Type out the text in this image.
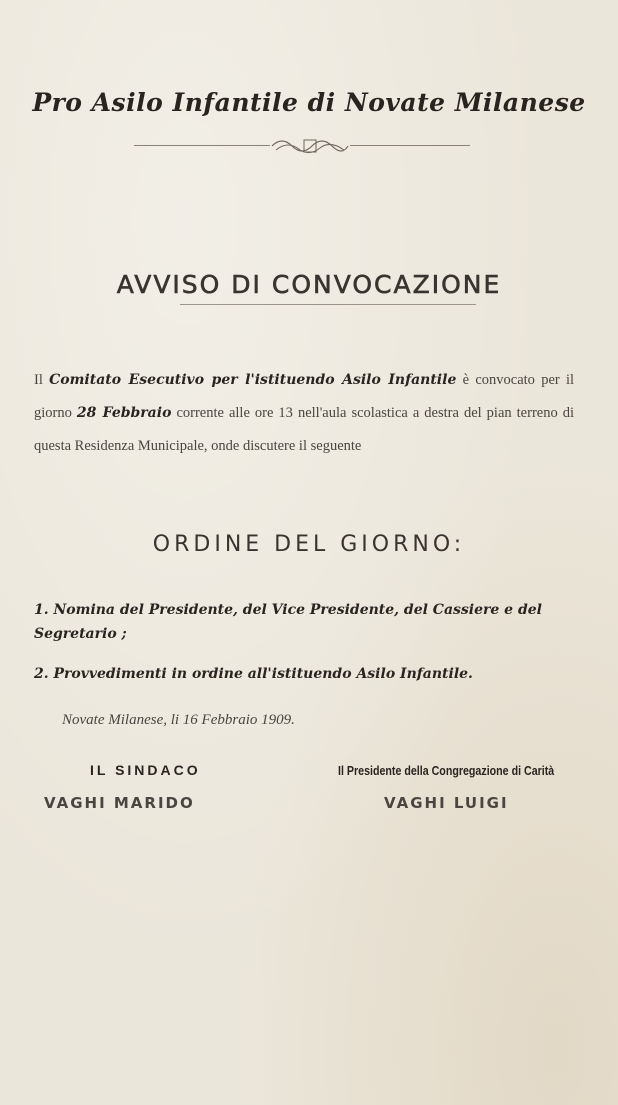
Pro Asilo Infantile di Novate Milanese
AVVISO DI CONVOCAZIONE
Il Comitato Esecutivo per l'istituendo Asilo Infantile è convocato per il giorno 28 Febbraio corrente alle ore 13 nell'aula scolastica a destra del pian terreno di questa Residenza Municipale, onde discutere il seguente
ORDINE DEL GIORNO:
1. Nomina del Presidente, del Vice Presidente, del Cassiere e del Segretario ;
2. Provvedimenti in ordine all'istituendo Asilo Infantile.
Novate Milanese, li 16 Febbraio 1909.
IL SINDACO	Il Presidente della Congregazione di Carità
VAGHI MARIDO	VAGHI LUIGI
